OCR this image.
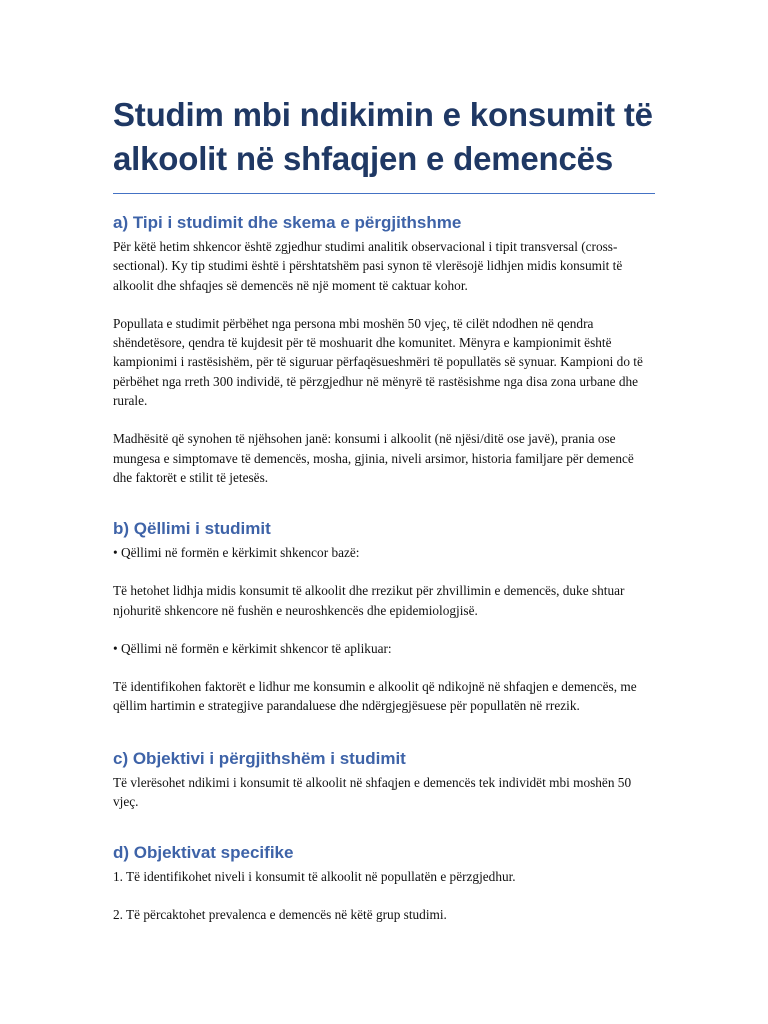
Studim mbi ndikimin e konsumit të alkoolit në shfaqjen e demencës
a) Tipi i studimit dhe skema e përgjithshme

Për këtë hetim shkencor është zgjedhur studimi analitik observacional i tipit transversal (cross-sectional). Ky tip studimi është i përshtatshëm pasi synon të vlerësojë lidhjen midis konsumit të alkoolit dhe shfaqjes së demencës në një moment të caktuar kohor.

Popullata e studimit përbëhet nga persona mbi moshën 50 vjeç, të cilët ndodhen në qendra shëndetësore, qendra të kujdesit për të moshuarit dhe komunitet. Mënyra e kampionimit është kampionimi i rastësishëm, për të siguruar përfaqësueshmëri të popullatës së synuar. Kampioni do të përbëhet nga rreth 300 individë, të përzgjedhur në mënyrë të rastësishme nga disa zona urbane dhe rurale.

Madhësitë që synohen të njëhsohen janë: konsumi i alkoolit (në njësi/ditë ose javë), prania ose mungesa e simptomave të demencës, mosha, gjinia, niveli arsimor, historia familjare për demencë dhe faktorët e stilit të jetesës.

b) Qëllimi i studimit

• Qëllimi në formën e kërkimit shkencor bazë:

Të hetohet lidhja midis konsumit të alkoolit dhe rrezikut për zhvillimin e demencës, duke shtuar njohuritë shkencore në fushën e neuroshkencës dhe epidemiologjisë.

• Qëllimi në formën e kërkimit shkencor të aplikuar:

Të identifikohen faktorët e lidhur me konsumin e alkoolit që ndikojnë në shfaqjen e demencës, me qëllim hartimin e strategjive parandaluese dhe ndërgjegjësuese për popullatën në rrezik.

c) Objektivi i përgjithshëm i studimit

Të vlerësohet ndikimi i konsumit të alkoolit në shfaqjen e demencës tek individët mbi moshën 50 vjeç.

d) Objektivat specifike

1. Të identifikohet niveli i konsumit të alkoolit në popullatën e përzgjedhur.

2. Të përcaktohet prevalenca e demencës në këtë grup studimi.
